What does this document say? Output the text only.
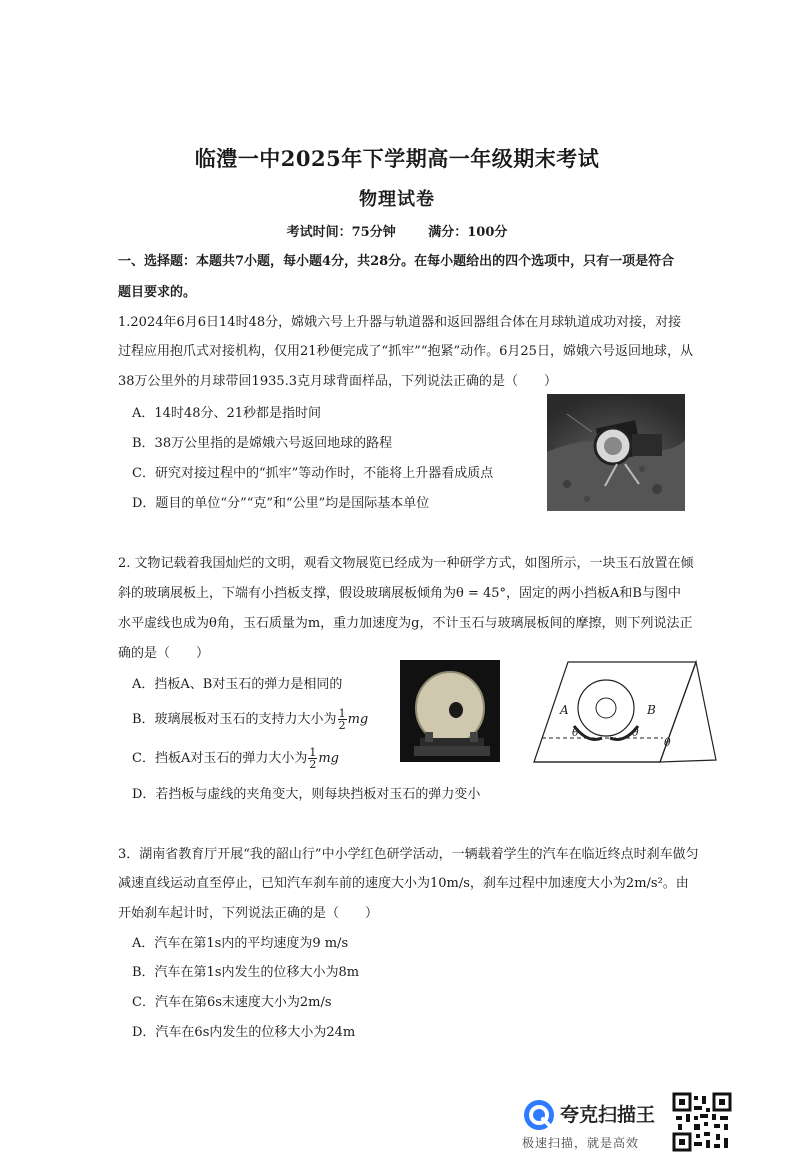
临澧一中2025年下学期高一年级期末考试
物理试卷
考试时间：75分钟	满分：100分
一、选择题：本题共7小题，每小题4分，共28分。在每小题给出的四个选项中，只有一项是符合
题目要求的。
1.2024年6月6日14时48分，嫦娥六号上升器与轨道器和返回器组合体在月球轨道成功对接，对接
过程应用抱爪式对接机构，仅用21秒便完成了“抓牢”“抱紧”动作。6月25日，嫦娥六号返回地球，从
38万公里外的月球带回1935.3克月球背面样品，下列说法正确的是（　　）
A．14时48分、21秒都是指时间
B．38万公里指的是嫦娥六号返回地球的路程
C．研究对接过程中的“抓牢”等动作时，不能将上升器看成质点
D．题目的单位“分”“克”和“公里”均是国际基本单位
2. 文物记载着我国灿烂的文明，观看文物展览已经成为一种研学方式，如图所示，一块玉石放置在倾
斜的玻璃展板上，下端有小挡板支撑，假设玻璃展板倾角为θ = 45°，固定的两小挡板A和B与图中
水平虚线也成为θ角，玉石质量为m，重力加速度为g，不计玉石与玻璃展板间的摩擦，则下列说法正
确的是（　　）
A．挡板A、B对玉石的弹力是相同的
B．玻璃展板对玉石的支持力大小为 $\frac{1}{2}$ mg
C．挡板A对玉石的弹力大小为 $\frac{1}{2}$ mg
D．若挡板与虚线的夹角变大，则每块挡板对玉石的弹力变小
A	B
θ	θ
θ
3．湖南省教育厅开展“我的韶山行”中小学红色研学活动，一辆载着学生的汽车在临近终点时刹车做匀
减速直线运动直至停止，已知汽车刹车前的速度大小为10m/s，刹车过程中加速度大小为2m/s²。由
开始刹车起计时，下列说法正确的是（　　）
A．汽车在第1s内的平均速度为9 m/s
B．汽车在第1s内发生的位移大小为8m
C．汽车在第6s末速度大小为2m/s
D．汽车在6s内发生的位移大小为24m
夸克扫描王
极速扫描，就是高效
